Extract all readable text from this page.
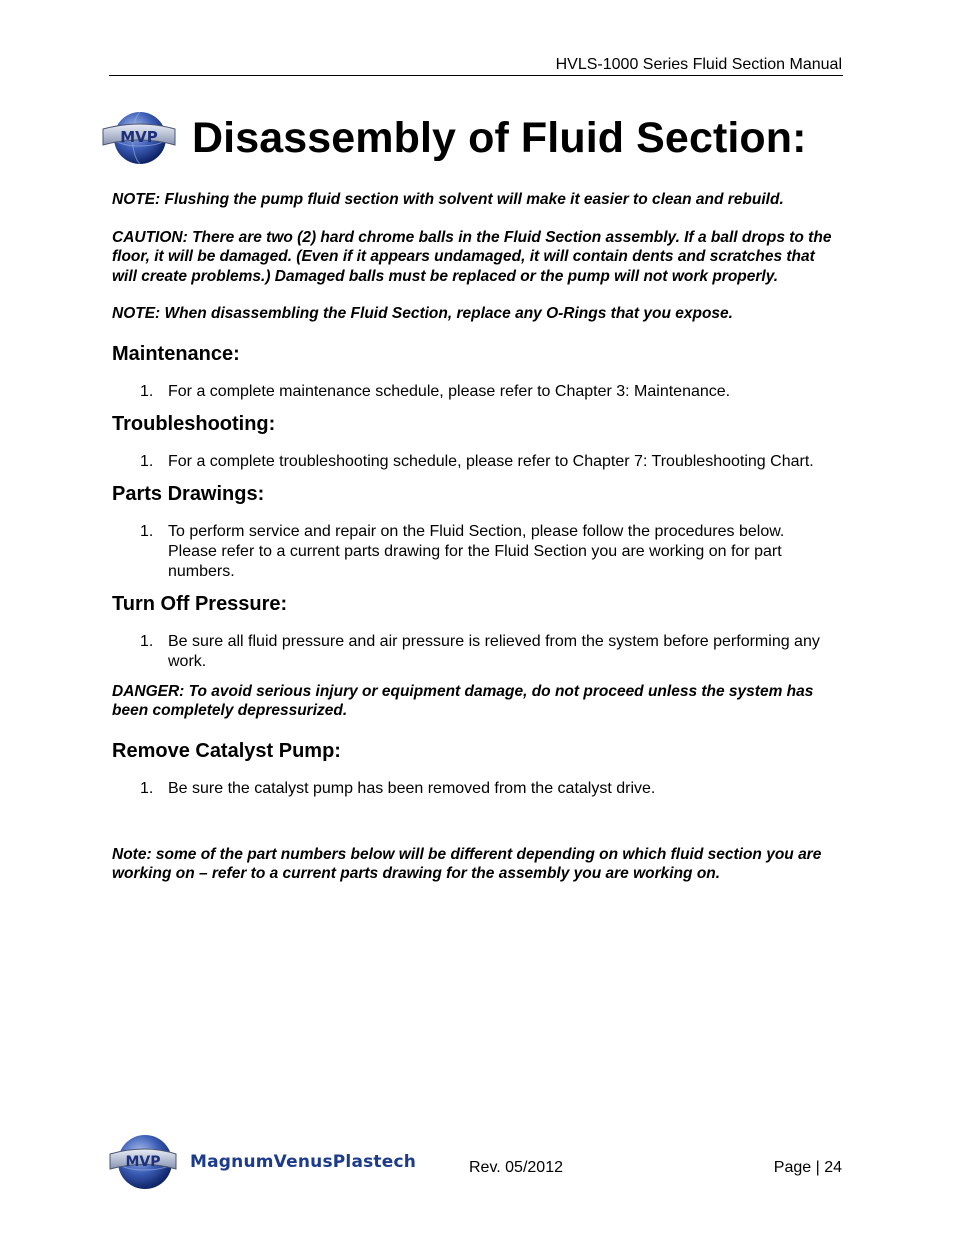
HVLS-1000 Series Fluid Section Manual
MVP Disassembly of Fluid Section:

NOTE: Flushing the pump fluid section with solvent will make it easier to clean and rebuild.

CAUTION: There are two (2) hard chrome balls in the Fluid Section assembly. If a ball drops to the floor, it will be damaged. (Even if it appears undamaged, it will contain dents and scratches that will create problems.) Damaged balls must be replaced or the pump will not work properly.

NOTE: When disassembling the Fluid Section, replace any O-Rings that you expose.

Maintenance:
1. For a complete maintenance schedule, please refer to Chapter 3: Maintenance.
Troubleshooting:
1. For a complete troubleshooting schedule, please refer to Chapter 7: Troubleshooting Chart.
Parts Drawings:
1. To perform service and repair on the Fluid Section, please follow the procedures below. Please refer to a current parts drawing for the Fluid Section you are working on for part numbers.
Turn Off Pressure:
1. Be sure all fluid pressure and air pressure is relieved from the system before performing any work.

DANGER: To avoid serious injury or equipment damage, do not proceed unless the system has been completely depressurized.

Remove Catalyst Pump:
1. Be sure the catalyst pump has been removed from the catalyst drive.

Note: some of the part numbers below will be different depending on which fluid section you are working on – refer to a current parts drawing for the assembly you are working on.

MVP MagnumVenusPlastech	Rev. 05/2012	Page | 24
